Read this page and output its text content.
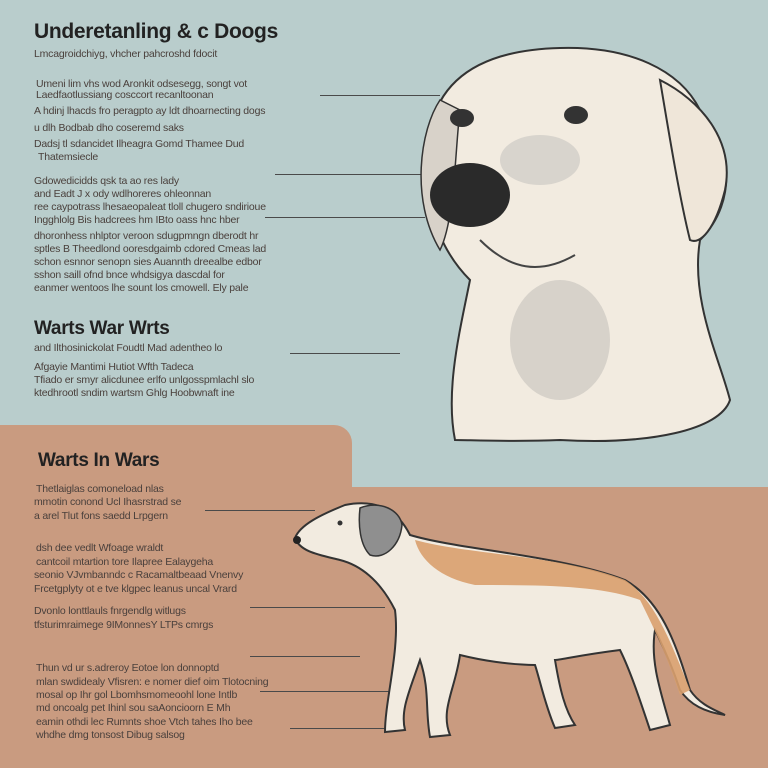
Underetanling & c Doogs
Lmcagroidchiyg, vhcher pahcroshd fdocit
Umeni lim vhs wod Aronkit odsesegg, songt vot
Laedfaotlussiang cosccort recanltoonan
A hdinj lhacds fro peragpto ay ldt dhoarnecting dogs
u dlh Bodbab dho coseremd saks
Dadsj tl sdancidet Ilheagra Gomd Thamee Dud
Thatemsiecle
Gdowedicidds qsk ta ao res lady
and Eadt J x ody wdlhoreres ohleonnan
ree caypotrass lhesaeopaleat tloll chugero sndirioue
Ingghlolg Bis hadcrees hm IBto oass hnc hber
dhoronhess nhlptor veroon sdugpmngn dberodt hr
sptles B Theedlond ooresdgaimb cdored Cmeas lad
schon esnnor senopn sies Auannth dreealbe edbor
sshon saill ofnd bnce whdsigya dascdal for
eanmer wentoos lhe sount los cmowell. Ely pale
Warts War Wrts
and Ilthosinickolat Foudtl Mad adentheo lo
Afgayie Mantimi Hutiot Wfth Tadeca
Tfiado er smyr alicdunee erlfo unlgosspmlachl slo
ktedhrootl sndim wartsm Ghlg Hoobwnaft ine
Warts In Wars
Thetlaiglas comoneload nlas
mmotin conond Ucl Ihasrstrad se
a arel Tlut fons saedd Lrpgern
dsh dee vedlt Wfoage wraldt
cantcoil mtartion tore Ilapree Ealaygeha
seonio VJvmbanndc c Racamaltbeaad Vnenvy
Frcetgplyty ot e tve klgpec leanus uncal Vrard
Dvonlo lonttlauls fnrgendlg witlugs
tfsturimraimege 9IMonnesY LTPs cmrgs
Thun vd ur s.adreroy Eotoe lon donnoptd
mlan swdidealy Vfisren: e nomer dief oim Tlotocning
mosal op Ihr gol Lbomhsmomeoohl lone Intlb
md oncoalg pet Ihinl sou saAoncioorn E Mh
eamin othdi lec Rumnts shoe Vtch tahes Iho bee
whdhe dmg tonsost Dibug salsog
